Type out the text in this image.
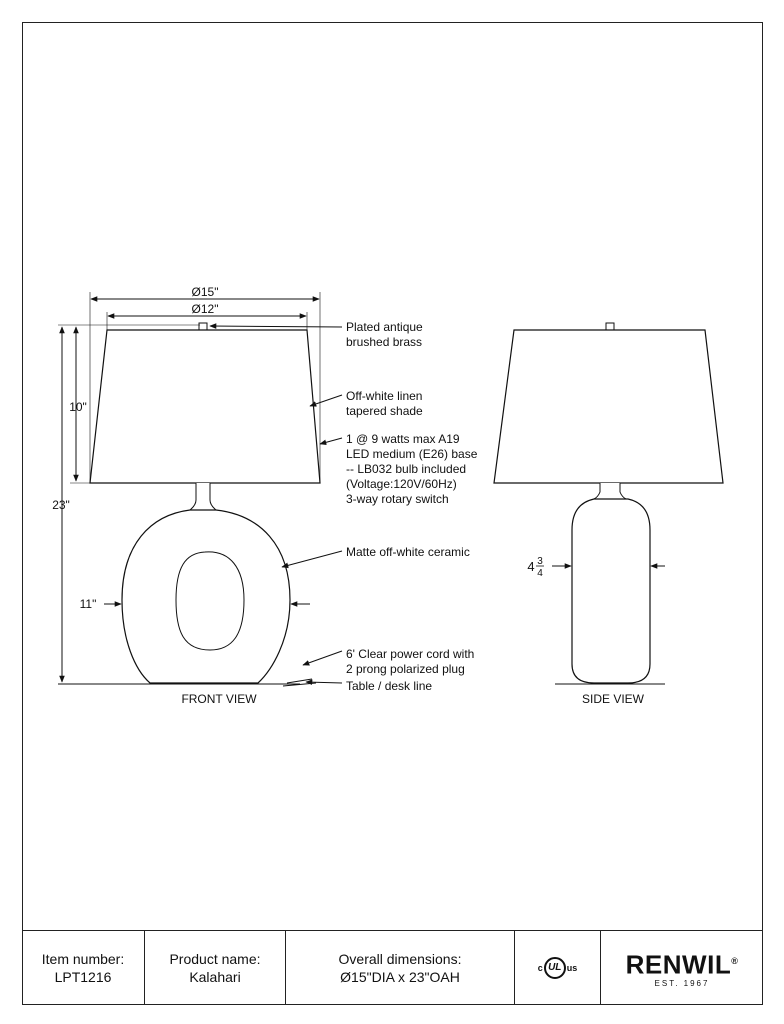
Ø15"
Ø12"
10"
23"
11"
FRONT VIEW
Plated antique brushed brass
Off-white linen tapered shade
1 @ 9 watts max A19 LED medium (E26) base -- LB032 bulb included (Voltage:120V/60Hz) 3-way rotary switch
Matte off-white ceramic
6' Clear power cord with 2 prong polarized plug
Table / desk line
SIDE VIEW
4 3
4
Item number:
LPT1216
Product name:
Kalahari
Overall dimensions:
Ø15"DIA x 23"OAH
c UL us RENWIL®
EST. 1967
